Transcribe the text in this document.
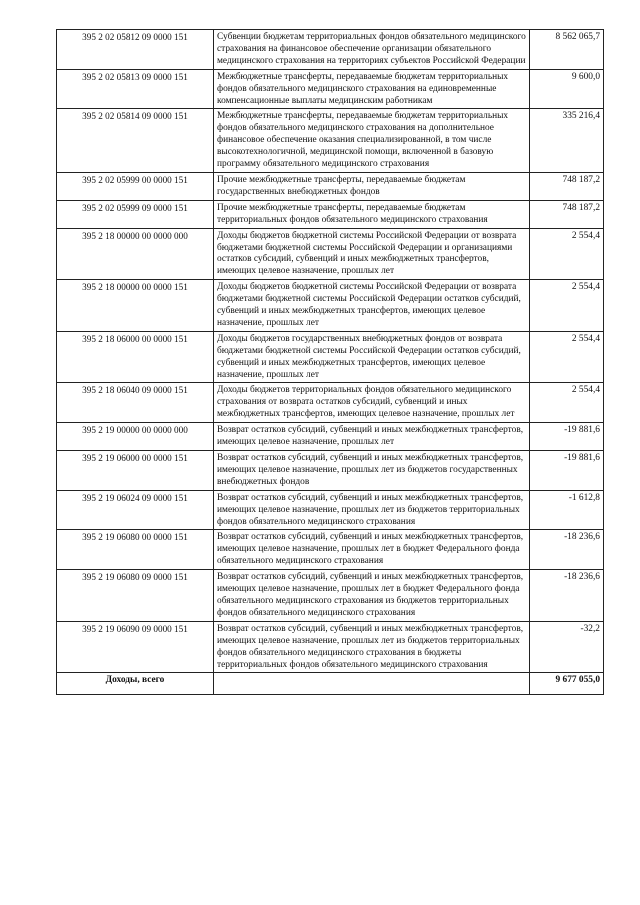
395 2 02 05812 09 0000 151	Субвенции бюджетам территориальных фондов обязательного медицинского страхования на финансовое обеспечение организации обязательного медицинского страхования на территориях субъектов Российской Федерации	8 562 065,7
395 2 02 05813 09 0000 151	Межбюджетные трансферты, передаваемые бюджетам территориальных фондов обязательного медицинского страхования на единовременные компенсационные выплаты медицинским работникам	9 600,0
395 2 02 05814 09 0000 151	Межбюджетные трансферты, передаваемые бюджетам территориальных фондов обязательного медицинского страхования на дополнительное финансовое обеспечение оказания специализированной, в том числе высокотехнологичной, медицинской помощи, включенной в базовую программу обязательного медицинского страхования	335 216,4
395 2 02 05999 00 0000 151	Прочие межбюджетные трансферты, передаваемые бюджетам государственных внебюджетных фондов	748 187,2
395 2 02 05999 09 0000 151	Прочие межбюджетные трансферты, передаваемые бюджетам территориальных фондов обязательного медицинского страхования	748 187,2
395 2 18 00000 00 0000 000	Доходы бюджетов бюджетной системы Российской Федерации от возврата бюджетами бюджетной системы Российской Федерации и организациями остатков субсидий, субвенций и иных межбюджетных трансфертов, имеющих целевое назначение, прошлых лет	2 554,4
395 2 18 00000 00 0000 151	Доходы бюджетов бюджетной системы Российской Федерации от возврата бюджетами бюджетной системы Российской Федерации остатков субсидий, субвенций и иных межбюджетных трансфертов, имеющих целевое назначение, прошлых лет	2 554,4
395 2 18 06000 00 0000 151	Доходы бюджетов государственных внебюджетных фондов от возврата бюджетами бюджетной системы Российской Федерации остатков субсидий, субвенций и иных межбюджетных трансфертов, имеющих целевое назначение, прошлых лет	2 554,4
395 2 18 06040 09 0000 151	Доходы бюджетов территориальных фондов обязательного медицинского страхования от возврата остатков субсидий, субвенций и иных межбюджетных трансфертов, имеющих целевое назначение, прошлых лет	2 554,4
395 2 19 00000 00 0000 000	Возврат остатков субсидий, субвенций и иных межбюджетных трансфертов, имеющих целевое назначение, прошлых лет	-19 881,6
395 2 19 06000 00 0000 151	Возврат остатков субсидий, субвенций и иных межбюджетных трансфертов, имеющих целевое назначение, прошлых лет из бюджетов государственных внебюджетных фондов	-19 881,6
395 2 19 06024 09 0000 151	Возврат остатков субсидий, субвенций и иных межбюджетных трансфертов, имеющих целевое назначение, прошлых лет из бюджетов территориальных фондов обязательного медицинского страхования	-1 612,8
395 2 19 06080 00 0000 151	Возврат остатков субсидий, субвенций и иных межбюджетных трансфертов, имеющих целевое назначение, прошлых лет в бюджет Федерального фонда обязательного медицинского страхования	-18 236,6
395 2 19 06080 09 0000 151	Возврат остатков субсидий, субвенций и иных межбюджетных трансфертов, имеющих целевое назначение, прошлых лет в бюджет Федерального фонда обязательного медицинского страхования из бюджетов территориальных фондов обязательного медицинского страхования	-18 236,6
395 2 19 06090 09 0000 151	Возврат остатков субсидий, субвенций и иных межбюджетных трансфертов, имеющих целевое назначение, прошлых лет из бюджетов территориальных фондов обязательного медицинского страхования в бюджеты территориальных фондов обязательного медицинского страхования	-32,2
Доходы, всего		9 677 055,0
